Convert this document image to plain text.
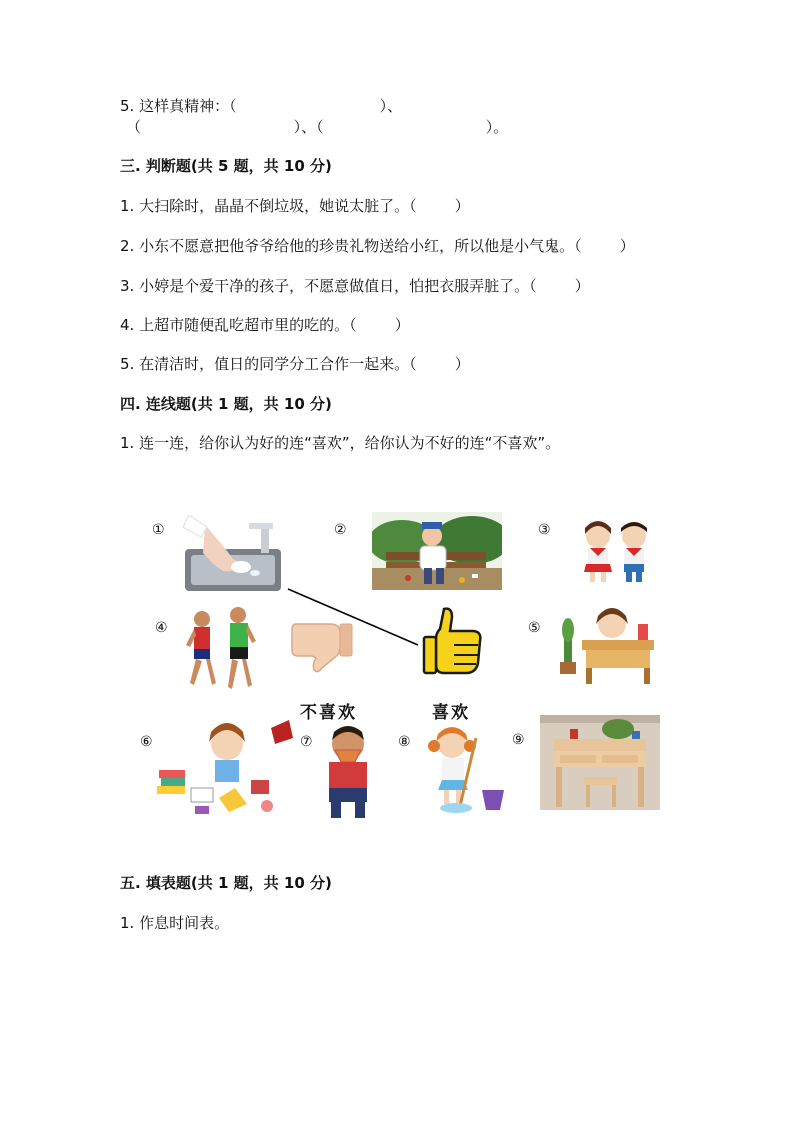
5. 这样真精神：（                              ）、
（                                ）、（                                  ）。
三. 判断题(共 5 题，共 10 分)
1. 大扫除时，晶晶不倒垃圾，她说太脏了。（        ）
2. 小东不愿意把他爷爷给他的珍贵礼物送给小红，所以他是小气鬼。（        ）
3. 小婷是个爱干净的孩子，不愿意做值日，怕把衣服弄脏了。（        ）
4. 上超市随便乱吃超市里的吃的。（        ）
5. 在清洁时，值日的同学分工合作一起来。（        ）
四. 连线题(共 1 题，共 10 分)
1. 连一连，给你认为好的连“喜欢”，给你认为不好的连“不喜欢”。
①	②	③
④
不喜欢	喜欢
⑤
⑥	⑦	⑧	⑨
五. 填表题(共 1 题，共 10 分)
1. 作息时间表。
